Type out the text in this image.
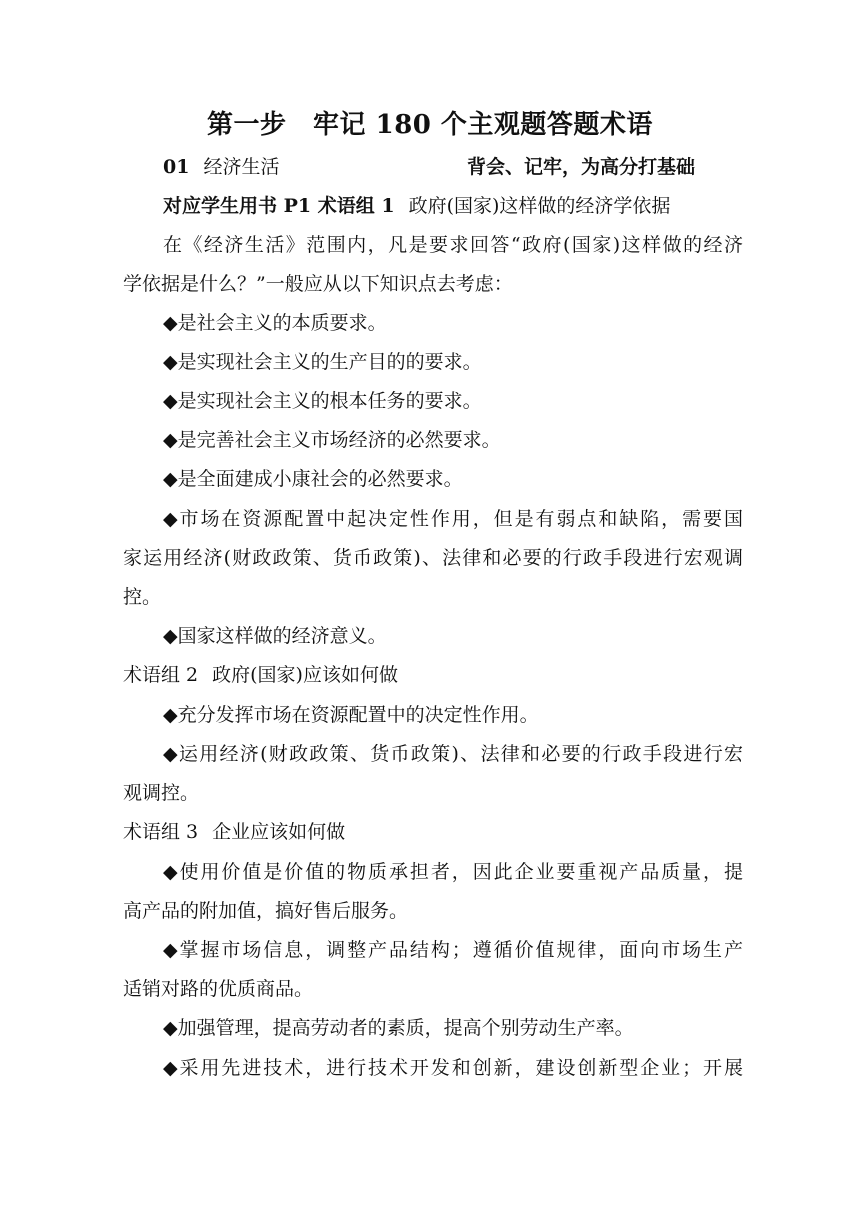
第一步　牢记 180 个主观题答题术语

01 经济生活	背会、记牢，为高分打基础

对应学生用书 P1 术语组 1 政府(国家)这样做的经济学依据

在《经济生活》范围内，凡是要求回答“政府(国家)这样做的经济

学依据是什么？”一般应从以下知识点去考虑：

◆是社会主义的本质要求。

◆是实现社会主义的生产目的的要求。

◆是实现社会主义的根本任务的要求。

◆是完善社会主义市场经济的必然要求。

◆是全面建成小康社会的必然要求。

◆市场在资源配置中起决定性作用，但是有弱点和缺陷，需要国

家运用经济(财政政策、货币政策)、法律和必要的行政手段进行宏观调

控。

◆国家这样做的经济意义。

术语组 2 政府(国家)应该如何做

◆充分发挥市场在资源配置中的决定性作用。

◆运用经济(财政政策、货币政策)、法律和必要的行政手段进行宏

观调控。

术语组 3 企业应该如何做

◆使用价值是价值的物质承担者，因此企业要重视产品质量，提

高产品的附加值，搞好售后服务。

◆掌握市场信息，调整产品结构；遵循价值规律，面向市场生产

适销对路的优质商品。

◆加强管理，提高劳动者的素质，提高个别劳动生产率。

◆采用先进技术，进行技术开发和创新，建设创新型企业；开展
